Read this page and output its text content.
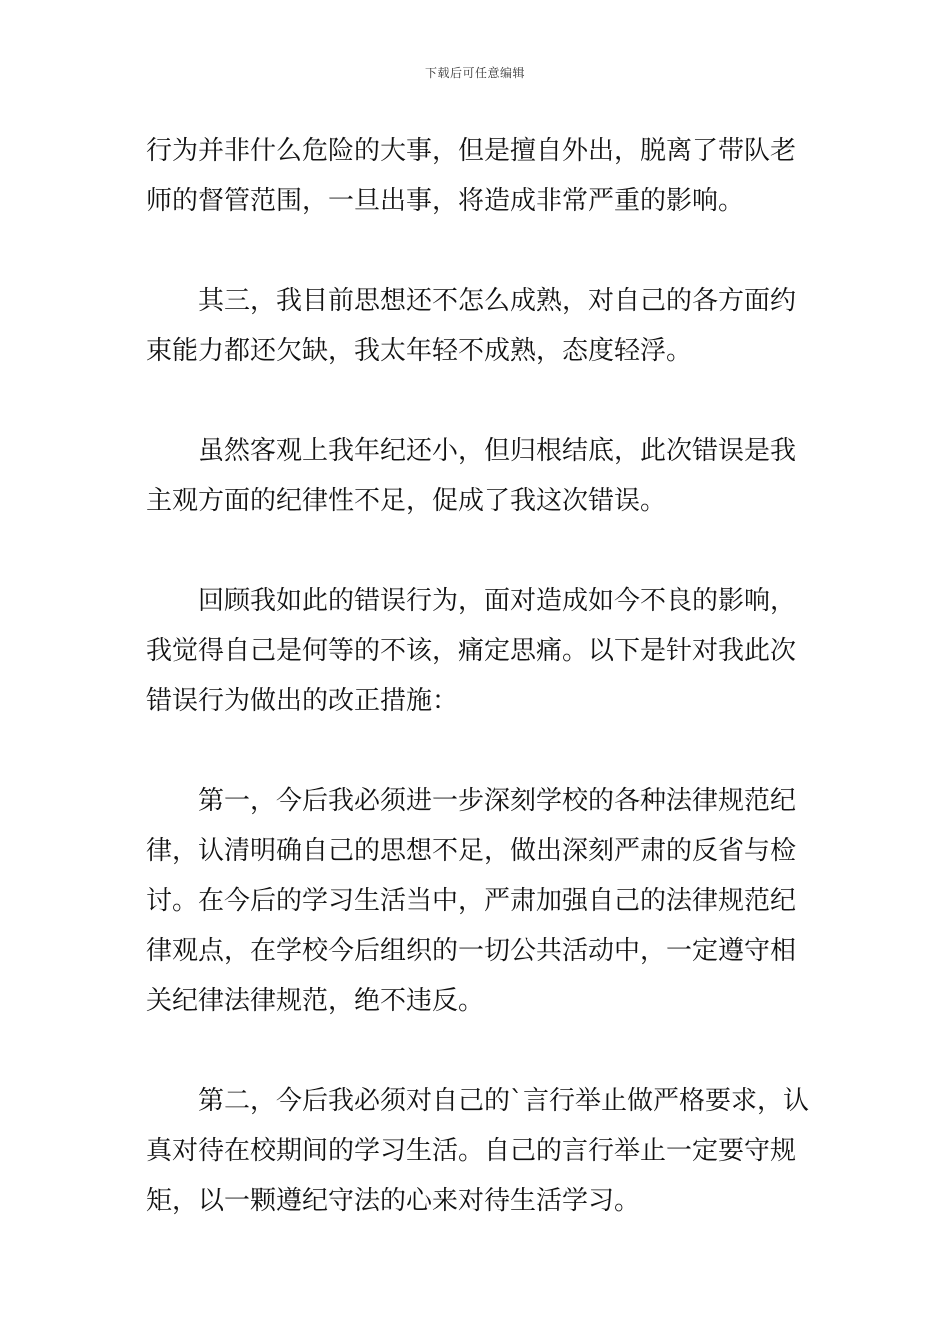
下载后可任意编辑

行为并非什么危险的大事，但是擅自外出，脱离了带队老
师的督管范围，一旦出事，将造成非常严重的影响。

其三，我目前思想还不怎么成熟，对自己的各方面约
束能力都还欠缺，我太年轻不成熟，态度轻浮。

虽然客观上我年纪还小，但归根结底，此次错误是我
主观方面的纪律性不足，促成了我这次错误。

回顾我如此的错误行为，面对造成如今不良的影响，
我觉得自己是何等的不该，痛定思痛。以下是针对我此次
错误行为做出的改正措施：

第一，今后我必须进一步深刻学校的各种法律规范纪
律，认清明确自己的思想不足，做出深刻严肃的反省与检
讨。在今后的学习生活当中，严肃加强自己的法律规范纪
律观点，在学校今后组织的一切公共活动中，一定遵守相
关纪律法律规范，绝不违反。

第二，今后我必须对自己的`言行举止做严格要求，认
真对待在校期间的学习生活。自己的言行举止一定要守规
矩，以一颗遵纪守法的心来对待生活学习。
